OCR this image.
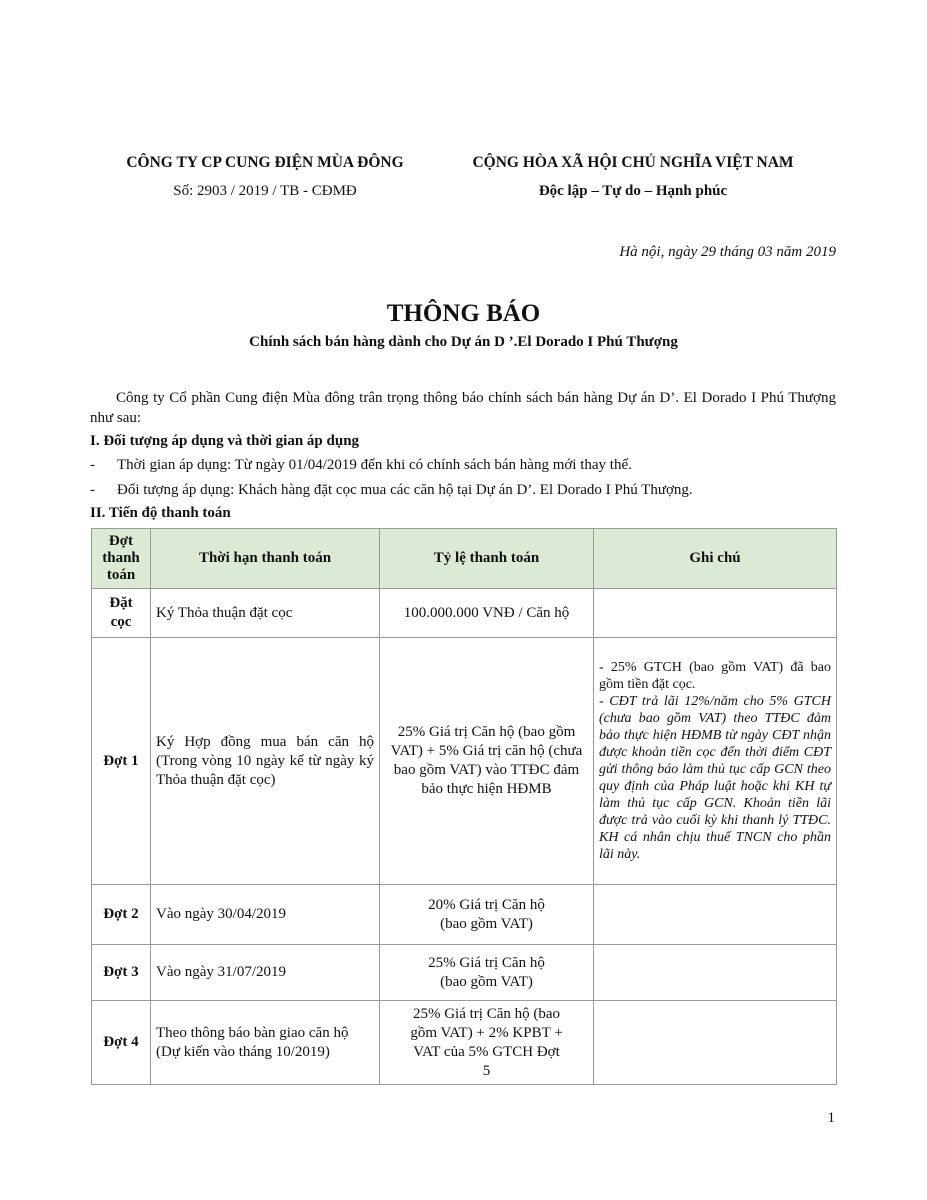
CÔNG TY CP CUNG ĐIỆN MÙA ĐÔNG
Số: 2903 / 2019 / TB - CĐMĐ
CỘNG HÒA XÃ HỘI CHỦ NGHĨA VIỆT NAM
Độc lập – Tự do – Hạnh phúc
Hà nội, ngày 29 tháng 03 năm 2019
THÔNG BÁO
Chính sách bán hàng dành cho Dự án D ’.El Dorado I Phú Thượng
Công ty Cổ phần Cung điện Mùa đông trân trọng thông báo chính sách bán hàng Dự án D’. El Dorado I Phú Thượng như sau:
I. Đối tượng áp dụng và thời gian áp dụng
- Thời gian áp dụng: Từ ngày 01/04/2019 đến khi có chính sách bán hàng mới thay thế.
- Đối tượng áp dụng: Khách hàng đặt cọc mua các căn hộ tại Dự án D’. El Dorado I Phú Thượng.
II. Tiến độ thanh toán
Đợt thanh toán	Thời hạn thanh toán	Tỷ lệ thanh toán	Ghi chú
Đặt cọc	Ký Thỏa thuận đặt cọc	100.000.000 VNĐ / Căn hộ	
Đợt 1	Ký Hợp đồng mua bán căn hộ (Trong vòng 10 ngày kể từ ngày ký Thỏa thuận đặt cọc)	25% Giá trị Căn hộ (bao gồm VAT) + 5% Giá trị căn hộ (chưa bao gồm VAT) vào TTĐC đảm bảo thực hiện HĐMB	- 25% GTCH (bao gồm VAT) đã bao gồm tiền đặt cọc.
- CĐT trả lãi 12%/năm cho 5% GTCH (chưa bao gồm VAT) theo TTĐC đảm bảo thực hiện HĐMB từ ngày CĐT nhận được khoản tiền cọc đến thời điểm CĐT gửi thông báo làm thủ tục cấp GCN theo quy định của Pháp luật hoặc khi KH tự làm thủ tục cấp GCN. Khoản tiền lãi được trả vào cuối kỳ khi thanh lý TTĐC. KH cá nhân chịu thuế TNCN cho phần lãi này.

Đợt 2	Vào ngày 30/04/2019	20% Giá trị Căn hộ (bao gồm VAT)	
Đợt 3	Vào ngày 31/07/2019	25% Giá trị Căn hộ (bao gồm VAT)	
Đợt 4	Theo thông báo bàn giao căn hộ (Dự kiến vào tháng 10/2019)	25% Giá trị Căn hộ (bao gồm VAT) + 2% KPBT + VAT của 5% GTCH Đợt 5	
1
